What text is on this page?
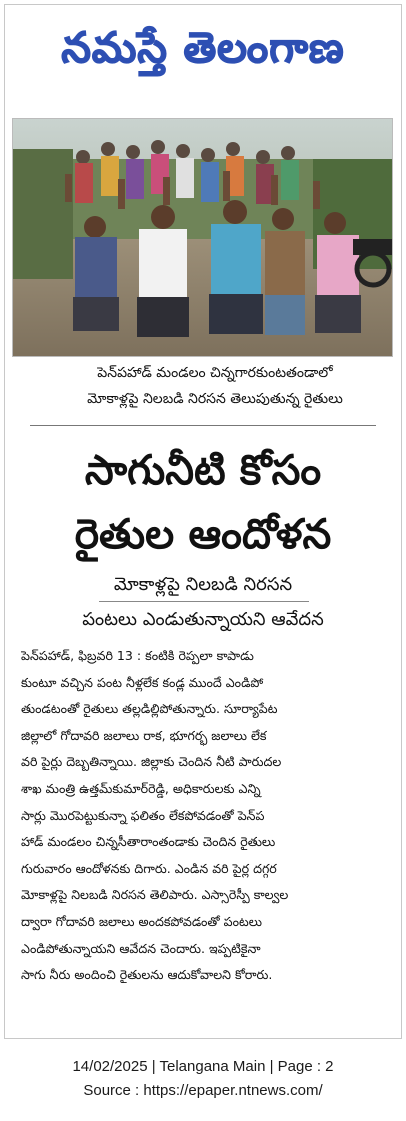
నమస్తే తెలంగాణ
పెన్‌పహాడ్ మండలం చిన్నగారకుంటతండాలో
మోకాళ్లపై నిలబడి నిరసన తెలుపుతున్న రైతులు
సాగునీటి కోసం
రైతుల ఆందోళన
మోకాళ్లపై నిలబడి నిరసన
పంటలు ఎండుతున్నాయని ఆవేదన
పెన్‌పహాడ్, ఫిబ్రవరి 13 : కంటికి రెప్పలా కాపాడు
కుంటూ వచ్చిన పంట నీళ్లలేక కండ్ల ముందే ఎండిపో
తుండటంతో రైతులు తల్లడిల్లిపోతున్నారు. సూర్యాపేట
జిల్లాలో గోదావరి జలాలు రాక, భూగర్భ జలాలు లేక
వరి పైర్లు దెబ్బతిన్నాయి. జిల్లాకు చెందిన నీటి పారుదల
శాఖ మంత్రి ఉత్తమ్‌కుమార్‌రెడ్డి, అధికారులకు ఎన్ని
సార్లు మొరపెట్టుకున్నా ఫలితం లేకపోవడంతో పెన్‌ప
హాడ్ మండలం చిన్నసీతారాంతండాకు చెందిన రైతులు
గురువారం ఆందోళనకు దిగారు. ఎండిన వరి పైర్ల దగ్గర
మోకాళ్లపై నిలబడి నిరసన తెలిపారు. ఎస్సారెస్పీ కాల్వల
ద్వారా గోదావరి జలాలు అందకపోవడంతో పంటలు
ఎండిపోతున్నాయని ఆవేదన చెందారు. ఇప్పటికైనా
సాగు నీరు అందించి రైతులను ఆదుకోవాలని కోరారు.
14/02/2025 | Telangana Main | Page : 2
Source : https://epaper.ntnews.com/
